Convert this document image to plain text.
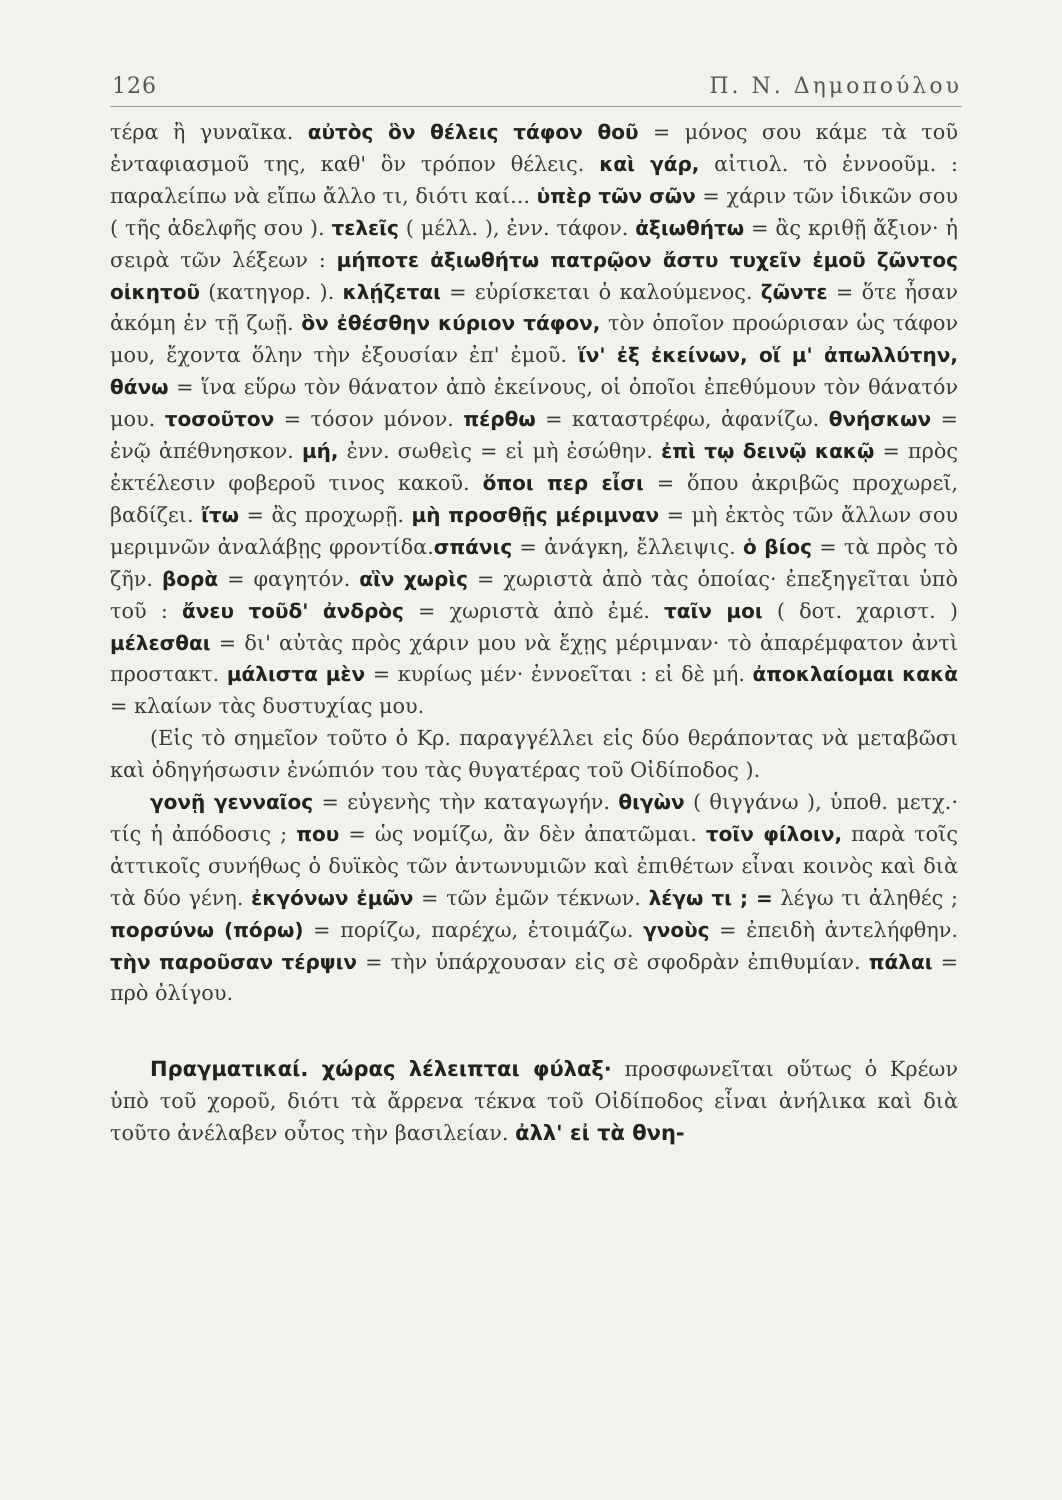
126	Π. Ν. Δημοπούλου

τέρα ἢ γυναῖκα. αὐτὸς ὃν θέλεις τάφον θοῦ = μόνος σου κάμε τὰ τοῦ ἐνταφιασμοῦ της, καθ' ὃν τρόπον θέλεις. καὶ γάρ, αἰτιολ. τὸ ἐννοοῦμ. : παραλείπω νὰ εἴπω ἄλλο τι, διότι καί... ὑπὲρ τῶν σῶν = χάριν τῶν ἰδικῶν σου ( τῆς ἀδελφῆς σου ). τελεῖς ( μέλλ. ), ἐνν. τάφον. ἀξιωθήτω = ἂς κριθῇ ἄξιον· ἡ σειρὰ τῶν λέξεων : μήποτε ἀξιωθήτω πατρῷον ἄστυ τυχεῖν ἐμοῦ ζῶντος οἰκητοῦ (κατηγορ. ). κλῄζεται = εὑρίσκεται ὁ καλούμενος. ζῶντε = ὅτε ἦσαν ἀκόμη ἐν τῇ ζωῇ. ὃν ἐθέσθην κύριον τάφον, τὸν ὁποῖον προώρισαν ὡς τάφον μου, ἔχοντα ὅλην τὴν ἐξουσίαν ἐπ' ἐμοῦ. ἵν' ἐξ ἐκείνων, οἵ μ' ἀπωλλύτην, θάνω = ἵνα εὕρω τὸν θάνατον ἀπὸ ἐκείνους, οἱ ὁποῖοι ἐπεθύμουν τὸν θάνατόν μου. τοσοῦτον = τόσον μόνον. πέρθω = καταστρέφω, ἀφανίζω. θνήσκων = ἐνῷ ἀπέθνησκον. μή, ἐνν. σωθεὶς = εἰ μὴ ἐσώθην. ἐπὶ τῳ δεινῷ κακῷ = πρὸς ἐκτέλεσιν φοβεροῦ τινος κακοῦ. ὅποι περ εἶσι = ὅπου ἀκριβῶς προχωρεῖ, βαδίζει. ἴτω = ἂς προχωρῇ. μὴ προσθῇς μέριμναν = μὴ ἐκτὸς τῶν ἄλλων σου μεριμνῶν ἀναλάβῃς φροντίδα.σπάνις = ἀνάγκη, ἔλλειψις. ὁ βίος = τὰ πρὸς τὸ ζῆν. βορὰ = φαγητόν. αἳν χωρὶς = χωριστὰ ἀπὸ τὰς ὁποίας· ἐπεξηγεῖται ὑπὸ τοῦ : ἄνευ τοῦδ' ἀνδρὸς = χωριστὰ ἀπὸ ἐμέ. ταῖν μοι ( δοτ. χαριστ. ) μέλεσθαι = δι' αὐτὰς πρὸς χάριν μου νὰ ἔχῃς μέριμναν· τὸ ἀπαρέμφατον ἀντὶ προστακτ. μάλιστα μὲν = κυρίως μέν· ἐννοεῖται : εἰ δὲ μή. ἀποκλαίομαι κακὰ = κλαίων τὰς δυστυχίας μου.

(Εἰς τὸ σημεῖον τοῦτο ὁ Κρ. παραγγέλλει εἰς δύο θεράποντας νὰ μεταβῶσι καὶ ὁδηγήσωσιν ἐνώπιόν του τὰς θυγατέρας τοῦ Οἰδίποδος ).

γονῇ γενναῖος = εὐγενὴς τὴν καταγωγήν. θιγὼν ( θιγγάνω ), ὑποθ. μετχ.· τίς ἡ ἀπόδοσις ; που = ὡς νομίζω, ἂν δὲν ἀπατῶμαι. τοῖν φίλοιν, παρὰ τοῖς ἀττικοῖς συνήθως ὁ δυϊκὸς τῶν ἀντωνυμιῶν καὶ ἐπιθέτων εἶναι κοινὸς καὶ διὰ τὰ δύο γένη. ἐκγόνων ἐμῶν = τῶν ἐμῶν τέκνων. λέγω τι ; = λέγω τι ἀληθές ; πορσύνω (πόρω) = πορίζω, παρέχω, ἑτοιμάζω. γνοὺς = ἐπειδὴ ἀντελήφθην. τὴν παροῦσαν τέρψιν = τὴν ὑπάρχουσαν εἰς σὲ σφοδρὰν ἐπιθυμίαν. πάλαι = πρὸ ὀλίγου.

Πραγματικαί. χώρας λέλειπται φύλαξ· προσφωνεῖται οὕτως ὁ Κρέων ὑπὸ τοῦ χοροῦ, διότι τὰ ἄρρενα τέκνα τοῦ Οἰδίποδος εἶναι ἀνήλικα καὶ διὰ τοῦτο ἀνέλαβεν οὗτος τὴν βασιλείαν. ἀλλ' εἰ τὰ θνη-
